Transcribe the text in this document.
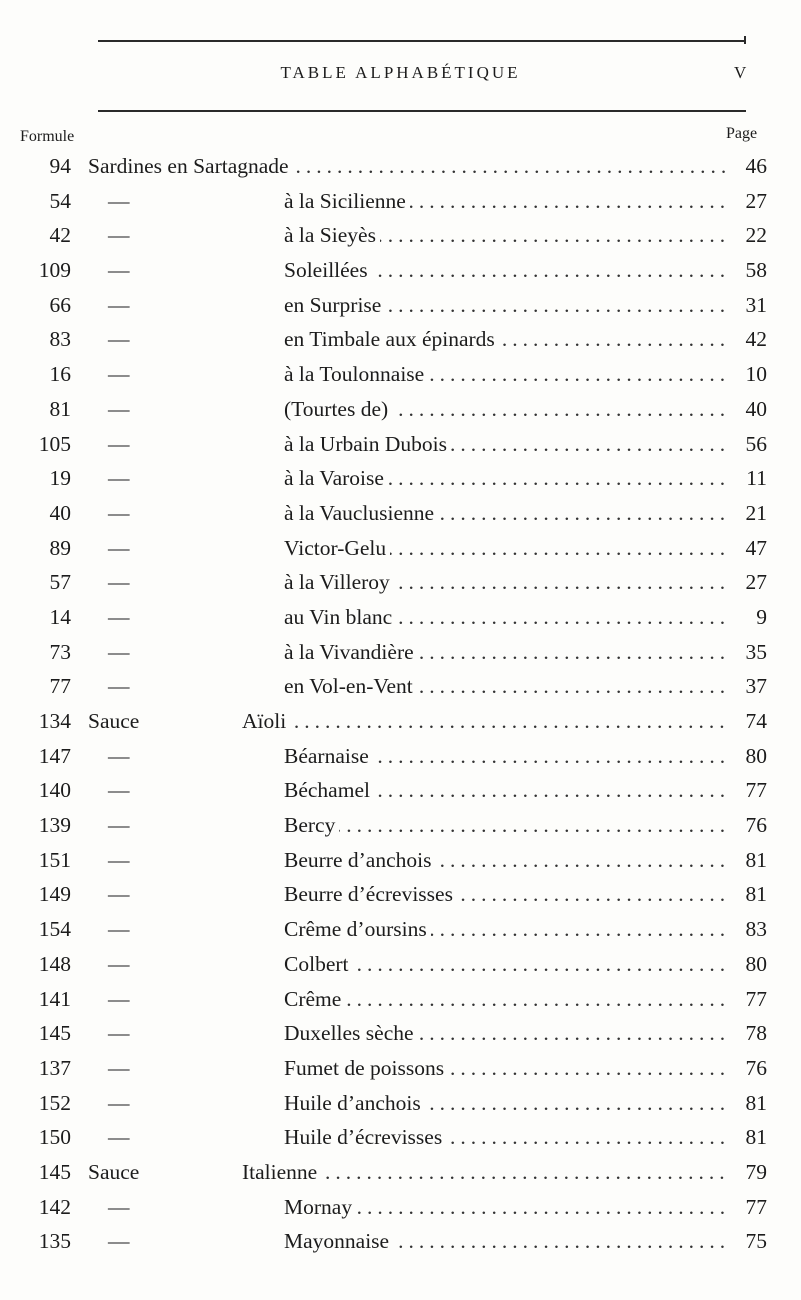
TABLE ALPHABÉTIQUE	V
Formule	Page
94 ..... Sardines en Sartagnade	46
54 — .....	à la Sicilienne	27
42 — .....	à la Sieyès	22
109 — .....	Soleillées	58
66 — .....	en Surprise	31
83 — .....	en Timbale aux épinards	42
16 — .....	à la Toulonnaise	10
81 — .....	(Tourtes de)	40
105 — .....	à la Urbain Dubois	56
19 — .....	à la Varoise	11
40 — .....	à la Vauclusienne	21
89 — .....	Victor-Gelu	47
57 — .....	à la Villeroy	27
14 — .....	au Vin blanc	9
73 — .....	à la Vivandière	35
77 — .....	en Vol-en-Vent	37
134 Sauce .....	Aïoli	74
147 — .....	Béarnaise	80
140 — .....	Béchamel	77
139 — .....	Bercy	76
151 — .....	Beurre d’anchois	81
149 — .....	Beurre d’écrevisses	81
154 — .....	Crême d’oursins	83
148 — .....	Colbert	80
141 — .....	Crême	77
145 — .....	Duxelles sèche	78
137 — .....	Fumet de poissons	76
152 — .....	Huile d’anchois	81
150 — .....	Huile d’écrevisses	81
145 Sauce .....	Italienne	79
142 — .....	Mornay	77
135 — .....	Mayonnaise	75
